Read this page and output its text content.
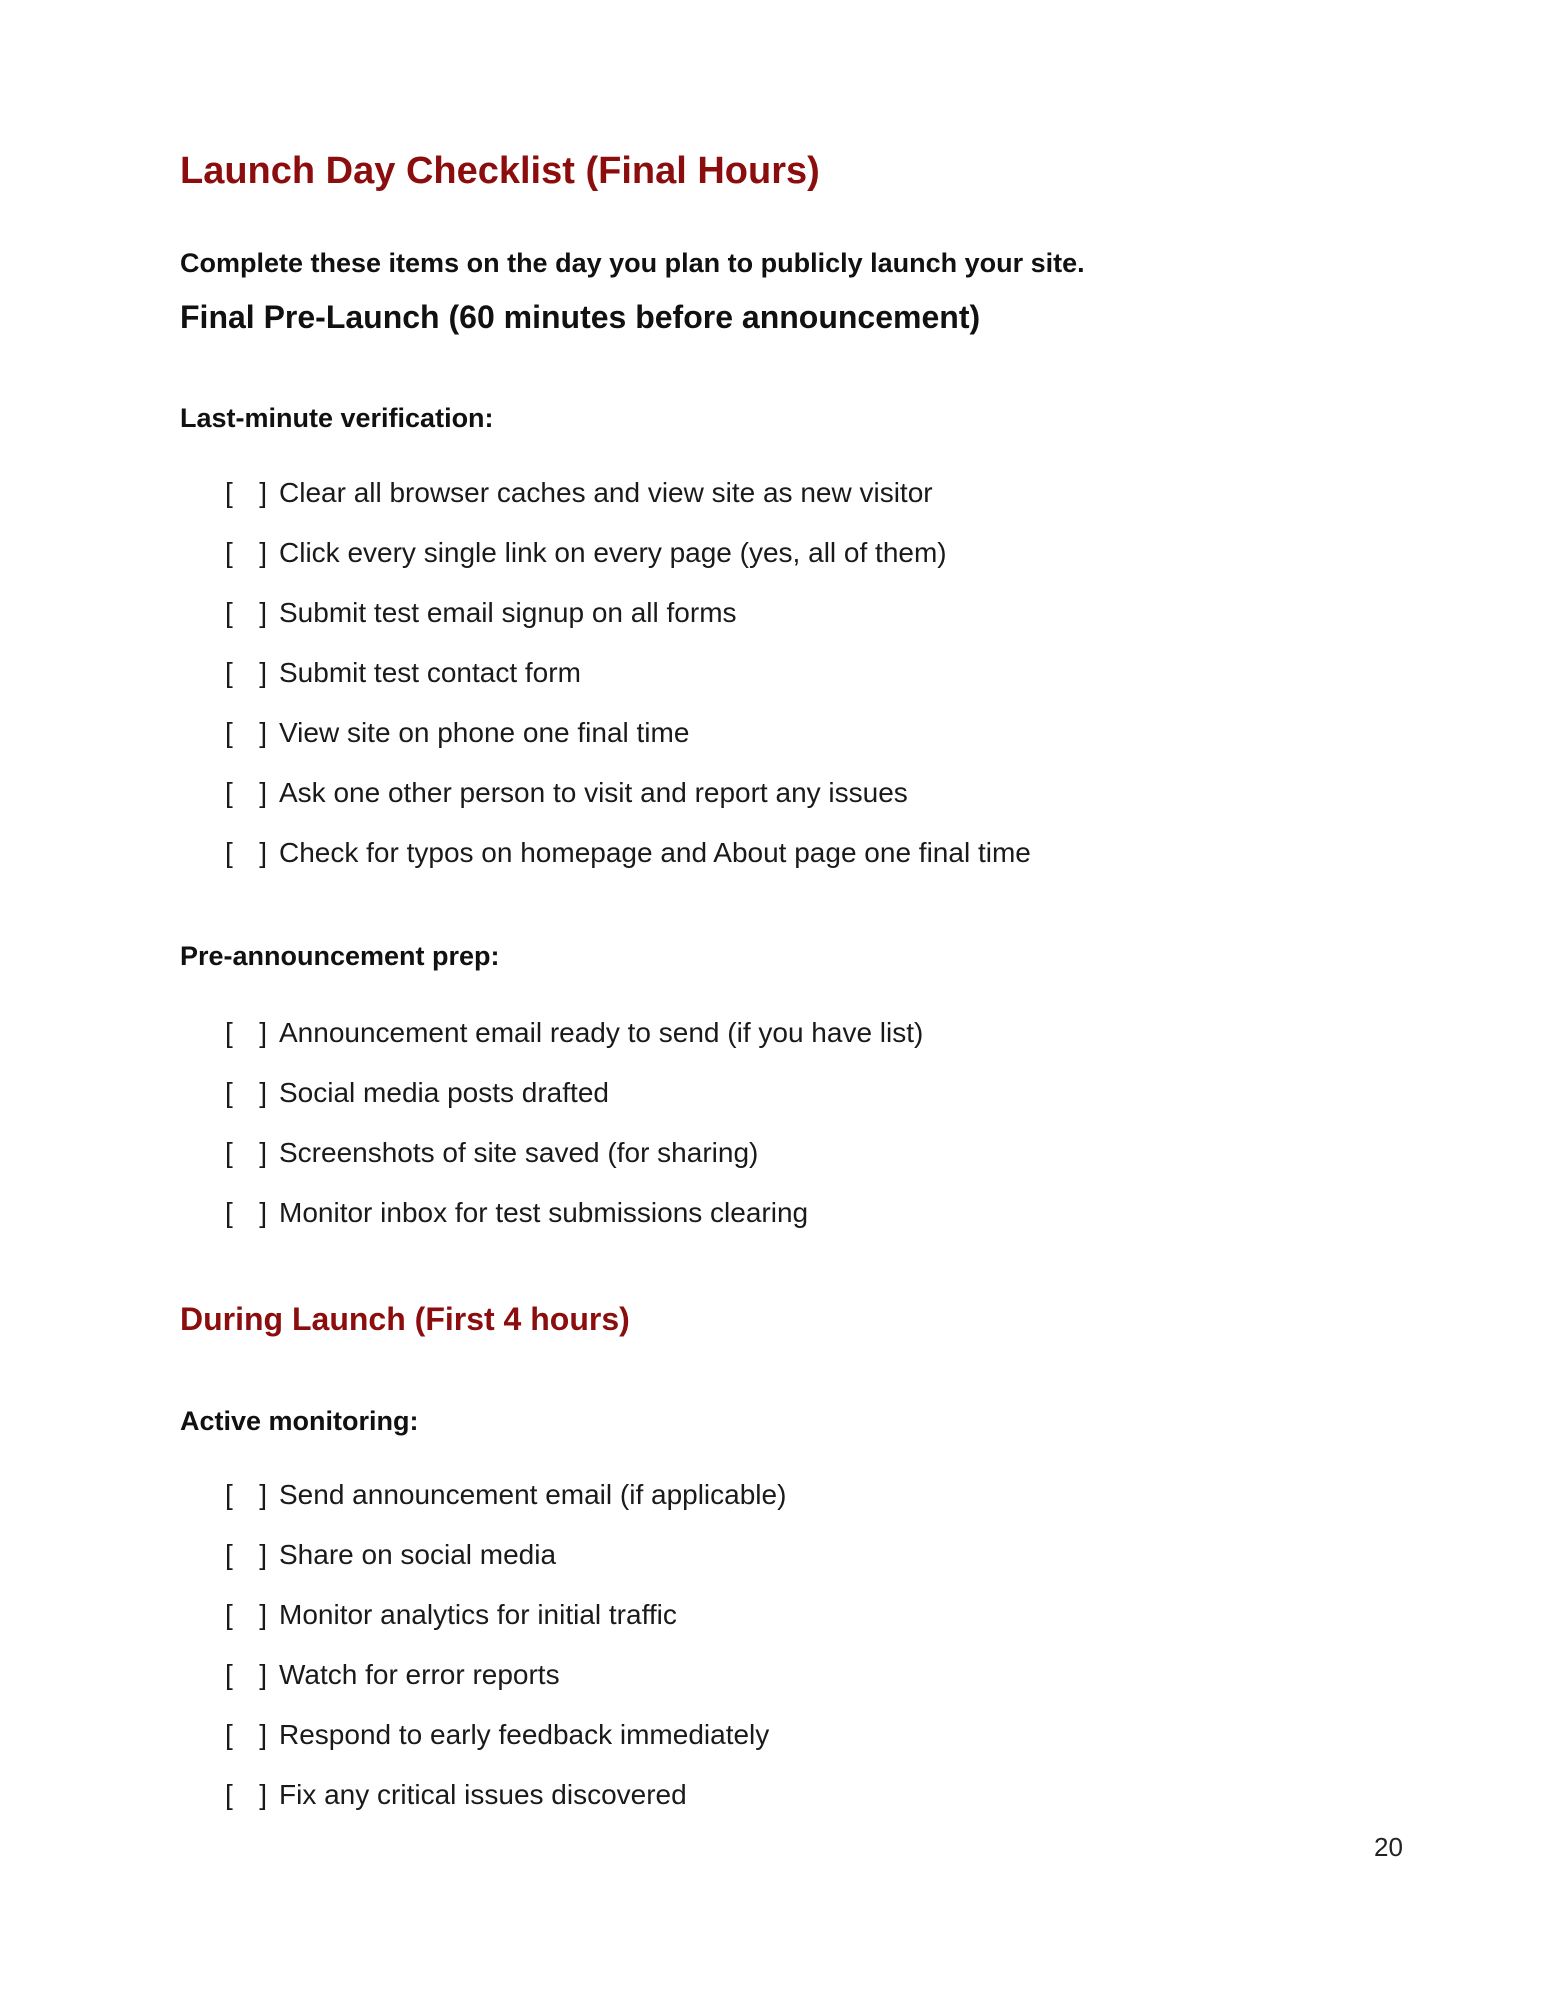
Launch Day Checklist (Final Hours)

Complete these items on the day you plan to publicly launch your site.

Final Pre-Launch (60 minutes before announcement)

Last-minute verification:

[ ] Clear all browser caches and view site as new visitor
[ ] Click every single link on every page (yes, all of them)
[ ] Submit test email signup on all forms
[ ] Submit test contact form
[ ] View site on phone one final time
[ ] Ask one other person to visit and report any issues
[ ] Check for typos on homepage and About page one final time

Pre-announcement prep:

[ ] Announcement email ready to send (if you have list)
[ ] Social media posts drafted
[ ] Screenshots of site saved (for sharing)
[ ] Monitor inbox for test submissions clearing
During Launch (First 4 hours)

Active monitoring:

[ ] Send announcement email (if applicable)
[ ] Share on social media
[ ] Monitor analytics for initial traffic
[ ] Watch for error reports
[ ] Respond to early feedback immediately
[ ] Fix any critical issues discovered
20
